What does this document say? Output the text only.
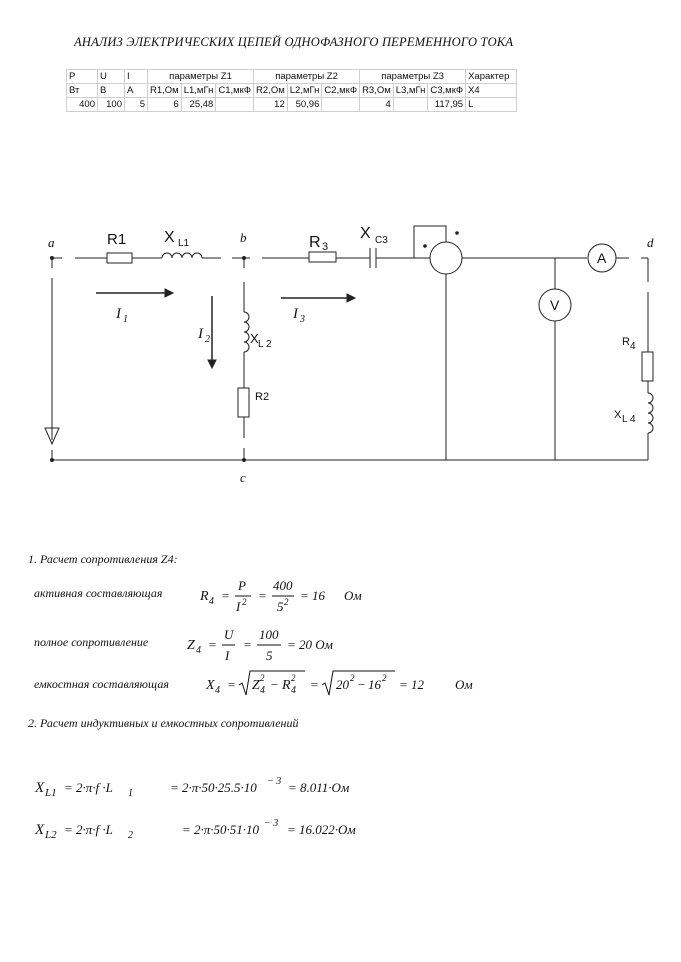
АНАЛИЗ ЭЛЕКТРИЧЕСКИХ ЦЕПЕЙ ОДНОФАЗНОГО ПЕРЕМЕННОГО ТОКА
P	U	I	параметры Z1			параметры Z2			параметры Z3			Характер
Вт	В	А	R1,Ом	L1,мГн	C1,мкФ	R2,Ом	L2,мГн	C2,мкФ	R3,Ом	L3,мГн	C3,мкФ	X4
400	100	5	6	25,48		12	50,96		4		117,95	L
a	b
c
d
R1 X L1	R 3
X C3
I 1
I 2
I 3
X L 2
R2
A
V
R 4
X L 4
1. Расчет сопротивления Z4:
активная составляющая	R 4 =
P
I 2 =
400
5 2 = 16 Ом
полное сопротивление	Z 4 =
U
I
=
100
5
= 20 Ом
емкостная составляющая	X 4 = Z 2
4 − R 2
4 = 20 2 − 16 2 = 12 Ом
2. Расчет индуктивных и емкостных сопротивлений
X L1 = 2·π·f ·L 1	= 2·π·50·25.5·10 − 3 = 8.011·Ом
X L2 = 2·π·f ·L 2	= 2·π·50·51·10 − 3 = 16.022·Ом
